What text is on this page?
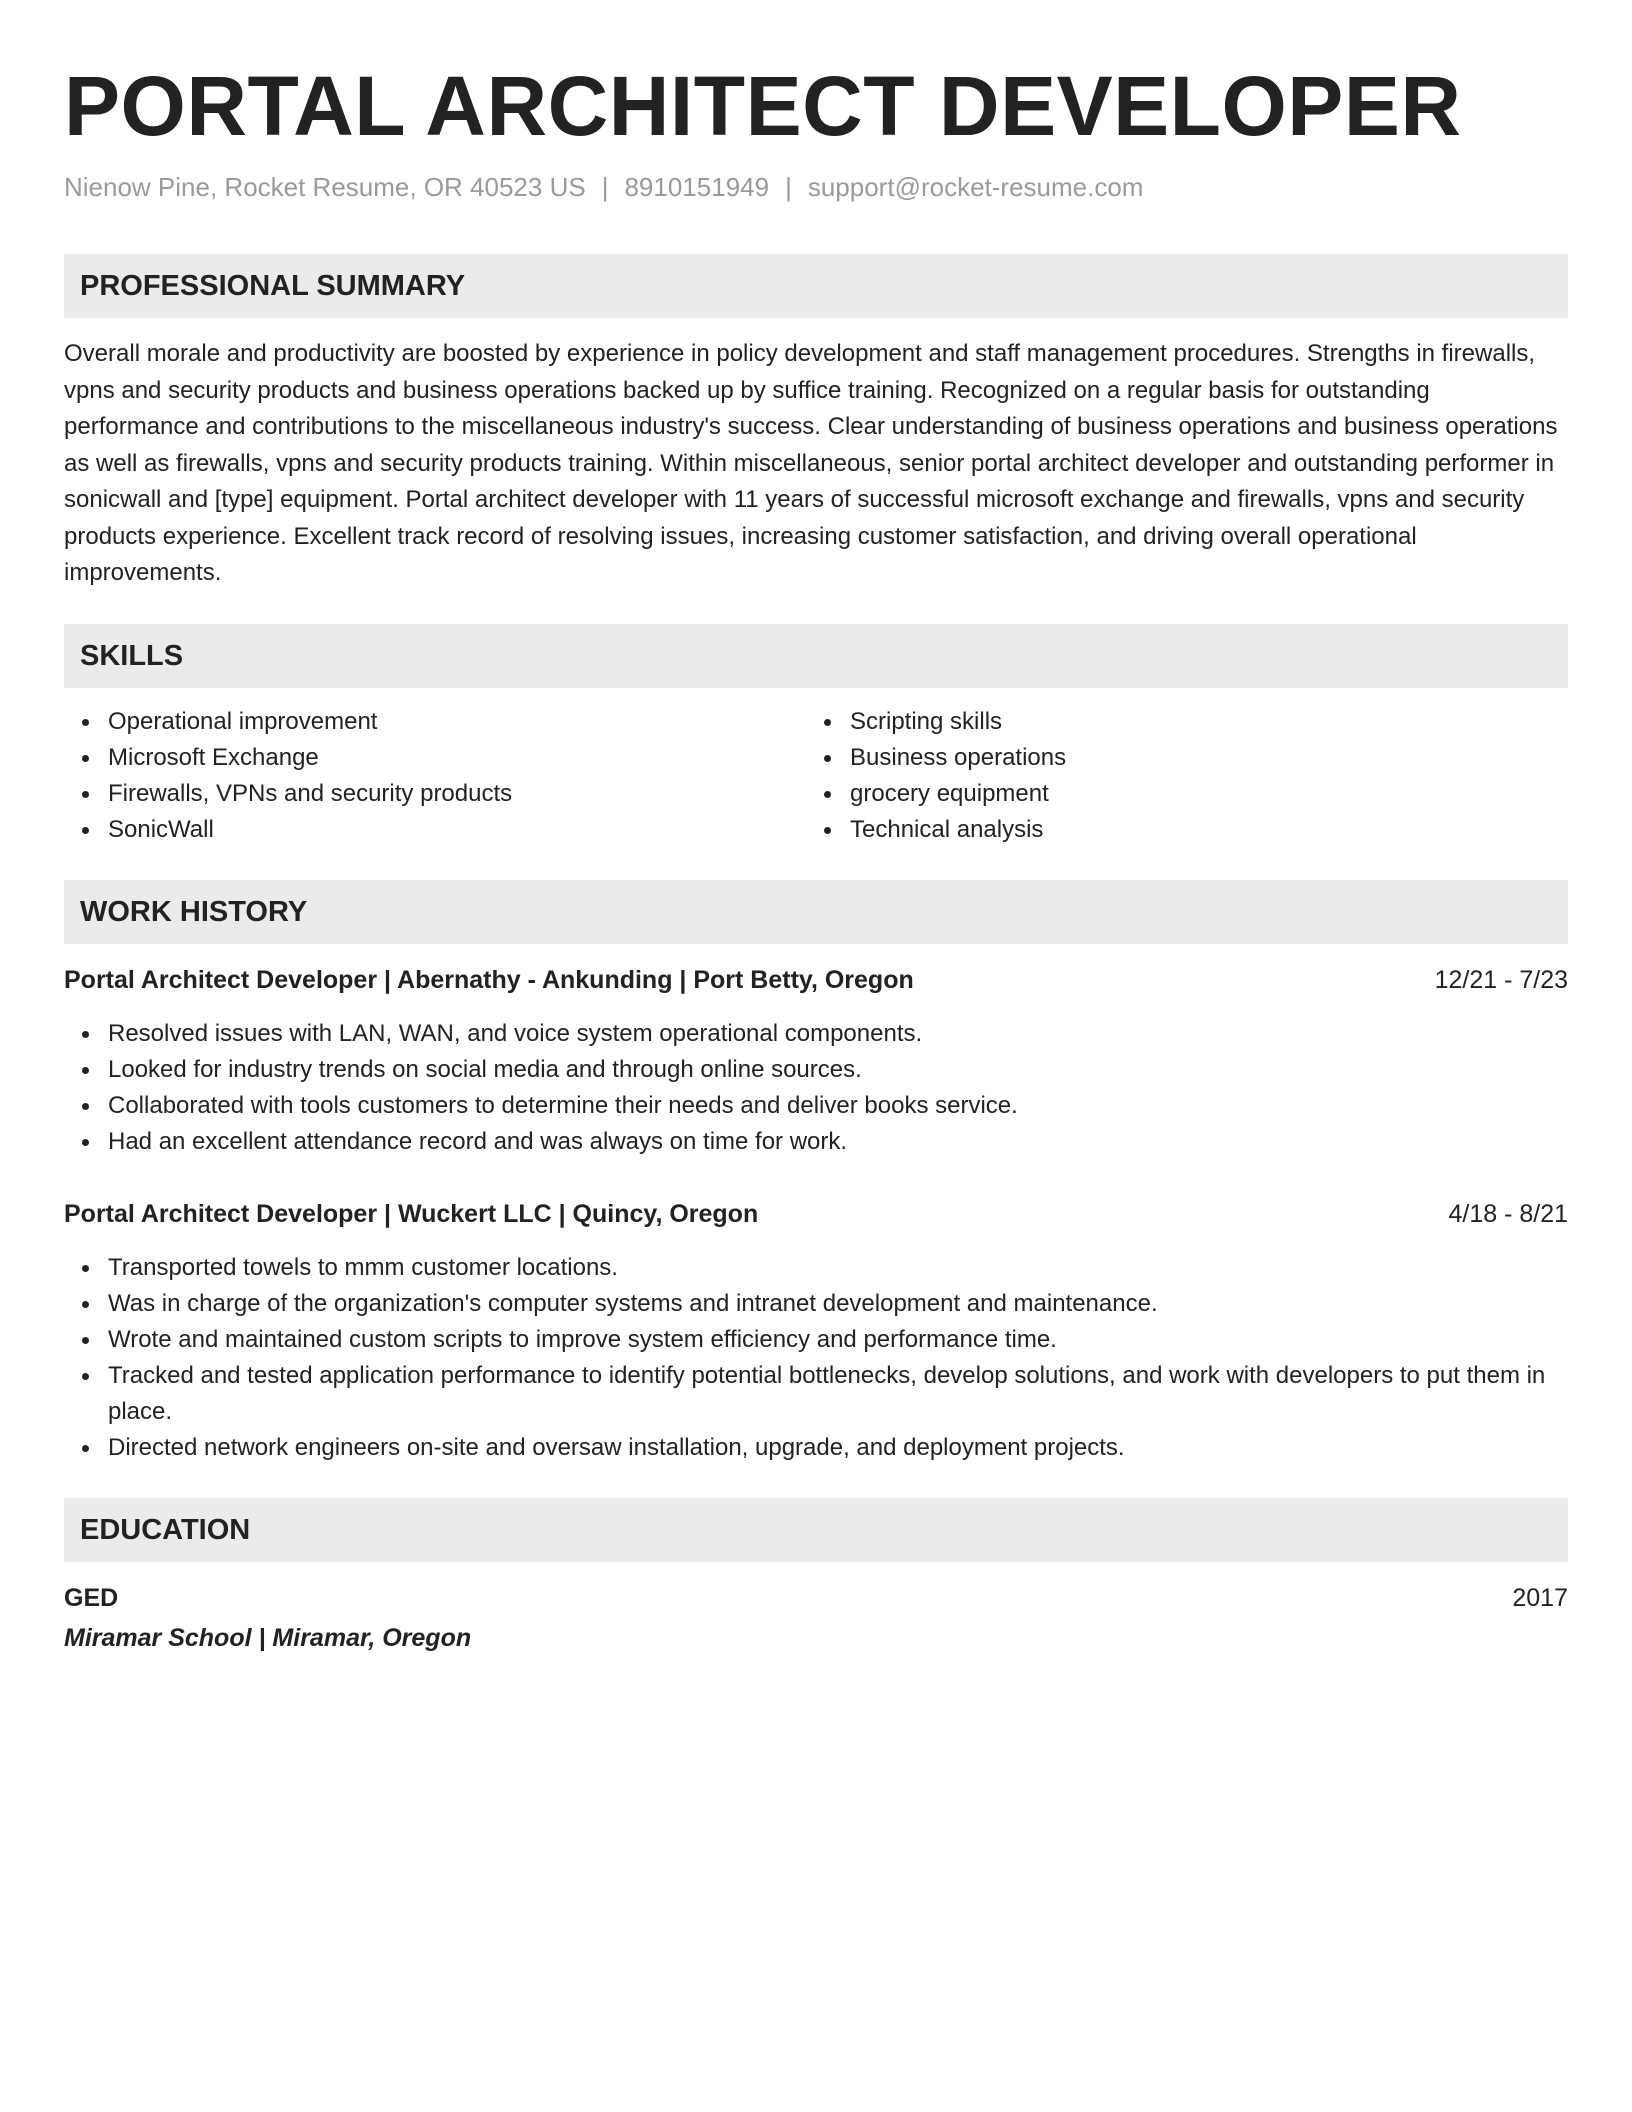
PORTAL ARCHITECT DEVELOPER
Nienow Pine, Rocket Resume, OR 40523 US | 8910151949 | support@rocket-resume.com
PROFESSIONAL SUMMARY

Overall morale and productivity are boosted by experience in policy development and staff management procedures. Strengths in firewalls, vpns and security products and business operations backed up by suffice training. Recognized on a regular basis for outstanding performance and contributions to the miscellaneous industry's success. Clear understanding of business operations and business operations as well as firewalls, vpns and security products training. Within miscellaneous, senior portal architect developer and outstanding performer in sonicwall and [type] equipment. Portal architect developer with 11 years of successful microsoft exchange and firewalls, vpns and security products experience. Excellent track record of resolving issues, increasing customer satisfaction, and driving overall operational improvements.

SKILLS
Operational improvement
Microsoft Exchange
Firewalls, VPNs and security products
SonicWall
Scripting skills
Business operations
grocery equipment
Technical analysis
WORK HISTORY
Portal Architect Developer | Abernathy - Ankunding | Port Betty, Oregon	12/21 - 7/23
Resolved issues with LAN, WAN, and voice system operational components.
Looked for industry trends on social media and through online sources.
Collaborated with tools customers to determine their needs and deliver books service.
Had an excellent attendance record and was always on time for work.
Portal Architect Developer | Wuckert LLC | Quincy, Oregon	4/18 - 8/21
Transported towels to mmm customer locations.
Was in charge of the organization's computer systems and intranet development and maintenance.
Wrote and maintained custom scripts to improve system efficiency and performance time.
Tracked and tested application performance to identify potential bottlenecks, develop solutions, and work with developers to put them in place.
Directed network engineers on-site and oversaw installation, upgrade, and deployment projects.
EDUCATION
GED	2017
Miramar School | Miramar, Oregon
